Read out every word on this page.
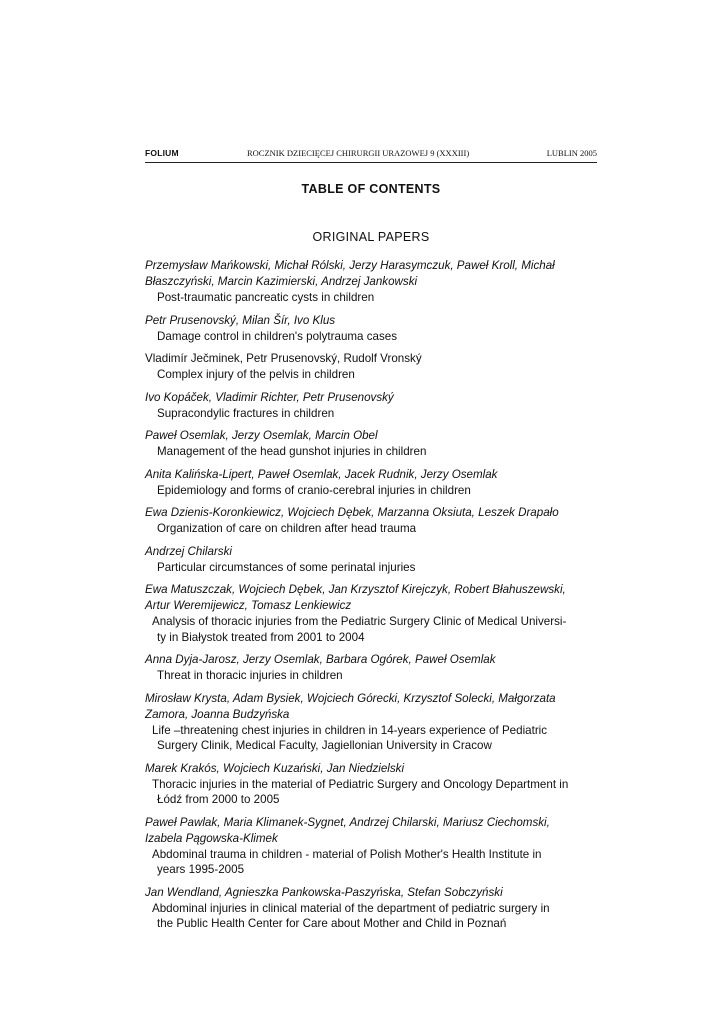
FOLIUM	ROCZNIK DZIECIĘCEJ CHIRURGII URAZOWEJ 9 (XXXIII)	LUBLIN 2005
TABLE OF CONTENTS
ORIGINAL PAPERS
Przemysław Mańkowski, Michał Rólski, Jerzy Harasymczuk, Paweł Kroll, Michał
Błaszczyński, Marcin Kazimierski, Andrzej Jankowski
Post-traumatic pancreatic cysts in children
Petr Prusenovský, Milan Šír, Ivo Klus
Damage control in children's polytrauma cases
Vladimír Ječminek, Petr Prusenovský, Rudolf Vronský
Complex injury of the pelvis in children
Ivo Kopáček, Vladimir Richter, Petr Prusenovský
Supracondylic fractures in children
Paweł Osemlak, Jerzy Osemlak, Marcin Obel
Management of the head gunshot injuries in children
Anita Kalińska-Lipert, Paweł Osemlak, Jacek Rudnik, Jerzy Osemlak
Epidemiology and forms of cranio-cerebral injuries in children
Ewa Dzienis-Koronkiewicz, Wojciech Dębek, Marzanna Oksiuta, Leszek Drapało
Organization of care on children after head trauma
Andrzej Chilarski
Particular circumstances of some perinatal injuries
Ewa Matuszczak, Wojciech Dębek, Jan Krzysztof Kirejczyk, Robert Błahuszewski,
Artur Weremijewicz, Tomasz Lenkiewicz
Analysis of thoracic injuries from the Pediatric Surgery Clinic of Medical Universi-
ty in Białystok treated from 2001 to 2004
Anna Dyja-Jarosz, Jerzy Osemlak, Barbara Ogórek, Paweł Osemlak
Threat in thoracic injuries in children
Mirosław Krysta, Adam Bysiek, Wojciech Górecki, Krzysztof Solecki, Małgorzata
Zamora, Joanna Budzyńska
Life –threatening chest injuries in children in 14-years experience of Pediatric
Surgery Clinik, Medical Faculty, Jagiellonian University in Cracow
Marek Krakós, Wojciech Kuzański, Jan Niedzielski
Thoracic injuries in the material of Pediatric Surgery and Oncology Department in
Łódź from 2000 to 2005
Paweł Pawlak, Maria Klimanek-Sygnet, Andrzej Chilarski, Mariusz Ciechomski,
Izabela Pągowska-Klimek
Abdominal trauma in children - material of Polish Mother's Health Institute in
years 1995-2005
Jan Wendland, Agnieszka Pankowska-Paszyńska, Stefan Sobczyński
Abdominal injuries in clinical material of the department of pediatric surgery in
the Public Health Center for Care about Mother and Child in Poznań
